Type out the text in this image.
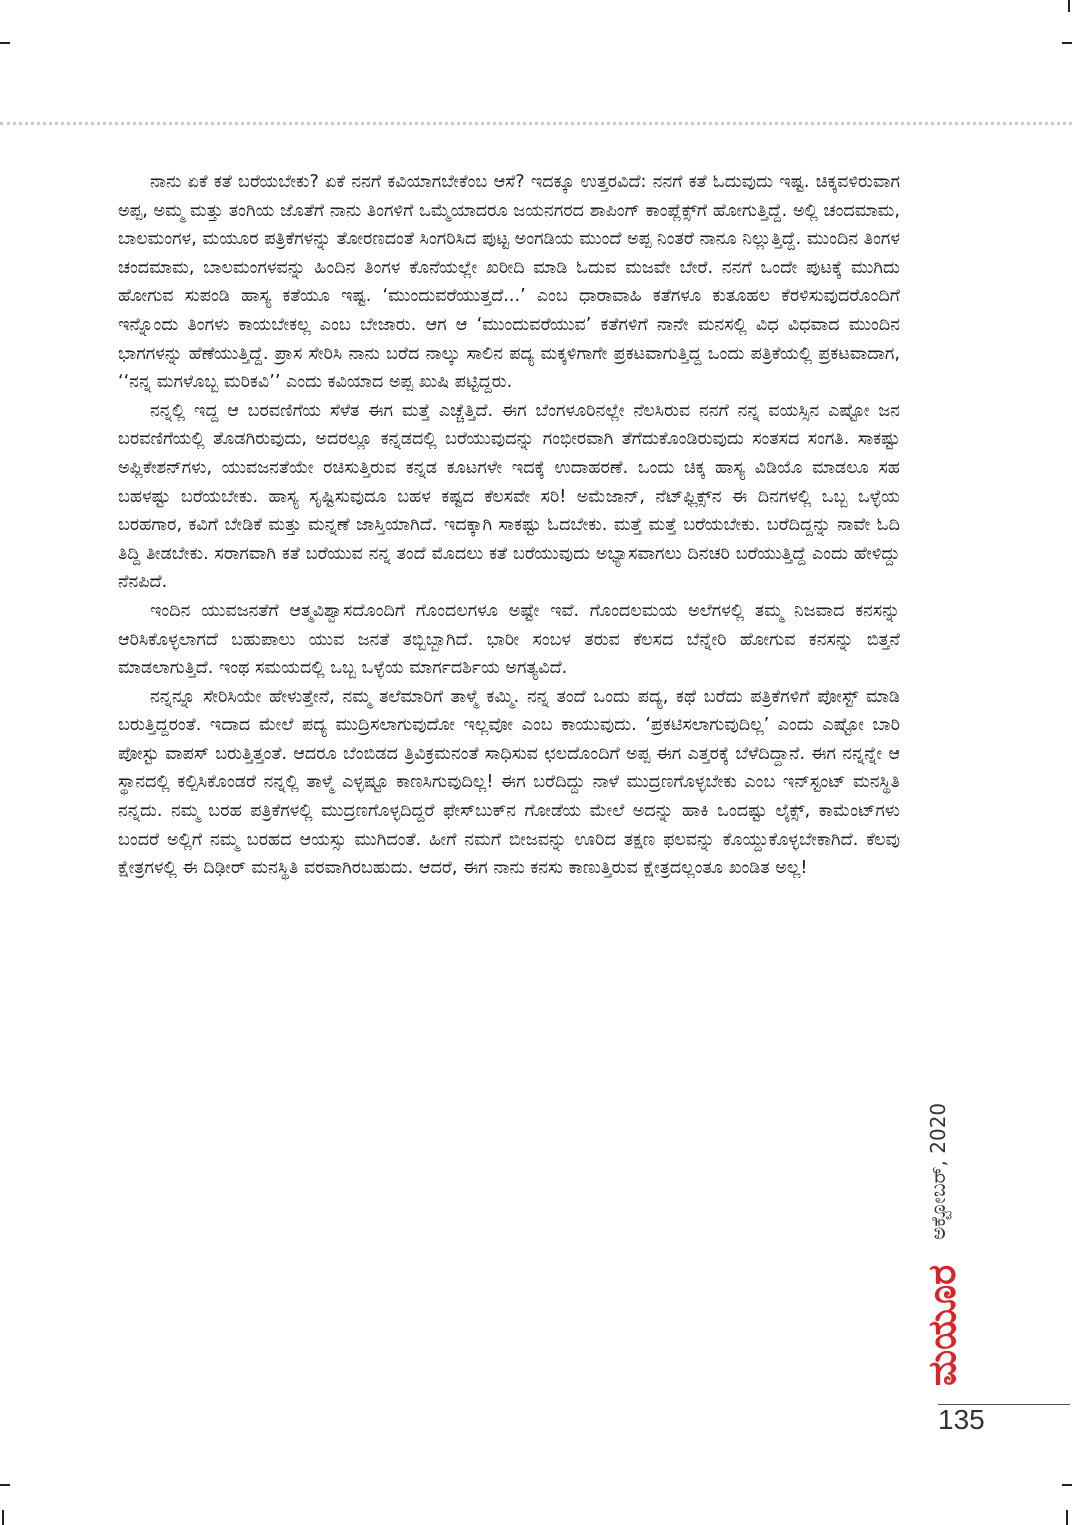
ನಾನು ಏಕೆ ಕತೆ ಬರೆಯಬೇಕು? ಏಕೆ ನನಗೆ ಕವಿಯಾಗಬೇಕೆಂಬ ಆಸೆ? ಇದಕ್ಕೂ ಉತ್ತರವಿದೆ: ನನಗೆ ಕತೆ ಓದುವುದು ಇಷ್ಟ. ಚಿಕ್ಕವಳಿರುವಾಗ ಅಪ್ಪ, ಅಮ್ಮ ಮತ್ತು ತಂಗಿಯ ಜೊತೆಗೆ ನಾನು ತಿಂಗಳಿಗೆ ಒಮ್ಮೆಯಾದರೂ ಜಯನಗರದ ಶಾಪಿಂಗ್ ಕಾಂಪ್ಲೆಕ್ಸ್‌ಗೆ ಹೋಗುತ್ತಿದ್ದೆ. ಅಲ್ಲಿ ಚಂದಮಾಮ, ಬಾಲಮಂಗಳ, ಮಯೂರ ಪತ್ರಿಕೆಗಳನ್ನು ತೋರಣದಂತೆ ಸಿಂಗರಿಸಿದ ಪುಟ್ಟ ಅಂಗಡಿಯ ಮುಂದೆ ಅಪ್ಪ ನಿಂತರೆ ನಾನೂ ನಿಲ್ಲುತ್ತಿದ್ದೆ. ಮುಂದಿನ ತಿಂಗಳ ಚಂದಮಾಮ, ಬಾಲಮಂಗಳವನ್ನು ಹಿಂದಿನ ತಿಂಗಳ ಕೊನೆಯಲ್ಲೇ ಖರೀದಿ ಮಾಡಿ ಓದುವ ಮಜವೇ ಬೇರೆ. ನನಗೆ ಒಂದೇ ಪುಟಕ್ಕೆ ಮುಗಿದು ಹೋಗುವ ಸುಪಂಡಿ ಹಾಸ್ಯ ಕತೆಯೂ ಇಷ್ಟ. ‘ಮುಂದುವರೆಯುತ್ತದೆ...’ ಎಂಬ ಧಾರಾವಾಹಿ ಕತೆಗಳೂ ಕುತೂಹಲ ಕೆರಳಿಸುವುದರೊಂದಿಗೆ ಇನ್ನೊಂದು ತಿಂಗಳು ಕಾಯಬೇಕಲ್ಲ ಎಂಬ ಬೇಜಾರು. ಆಗ ಆ ‘ಮುಂದುವರೆಯುವ’ ಕತೆಗಳಿಗೆ ನಾನೇ ಮನಸಲ್ಲಿ ವಿಧ ವಿಧವಾದ ಮುಂದಿನ ಭಾಗಗಳನ್ನು ಹೆಣೆಯುತ್ತಿದ್ದೆ. ಪ್ರಾಸ ಸೇರಿಸಿ ನಾನು ಬರೆದ ನಾಲ್ಕು ಸಾಲಿನ ಪದ್ಯ ಮಕ್ಕಳಿಗಾಗೇ ಪ್ರಕಟವಾಗುತ್ತಿದ್ದ ಒಂದು ಪತ್ರಿಕೆಯಲ್ಲಿ ಪ್ರಕಟವಾದಾಗ, ‘‘ನನ್ನ ಮಗಳೊಬ್ಬ ಮರಿಕವಿ’’ ಎಂದು ಕವಿಯಾದ ಅಪ್ಪ ಖುಷಿ ಪಟ್ಟಿದ್ದರು.

ನನ್ನಲ್ಲಿ ಇದ್ದ ಆ ಬರವಣಿಗೆಯ ಸೆಳೆತ ಈಗ ಮತ್ತೆ ಎಚ್ಚೆತ್ತಿದೆ. ಈಗ ಬೆಂಗಳೂರಿನಲ್ಲೇ ನೆಲಸಿರುವ ನನಗೆ ನನ್ನ ವಯಸ್ಸಿನ ಎಷ್ಟೋ ಜನ ಬರವಣಿಗೆಯಲ್ಲಿ ತೊಡಗಿರುವುದು, ಅದರಲ್ಲೂ ಕನ್ನಡದಲ್ಲಿ ಬರೆಯುವುದನ್ನು ಗಂಭೀರವಾಗಿ ತೆಗೆದುಕೊಂಡಿರುವುದು ಸಂತಸದ ಸಂಗತಿ. ಸಾಕಷ್ಟು ಅಪ್ಲಿಕೇಶನ್‌ಗಳು, ಯುವಜನತೆಯೇ ರಚಿಸುತ್ತಿರುವ ಕನ್ನಡ ಕೂಟಗಳೇ ಇದಕ್ಕೆ ಉದಾಹರಣೆ. ಒಂದು ಚಿಕ್ಕ ಹಾಸ್ಯ ವಿಡಿಯೊ ಮಾಡಲೂ ಸಹ ಬಹಳಷ್ಟು ಬರೆಯಬೇಕು. ಹಾಸ್ಯ ಸೃಷ್ಟಿಸುವುದೂ ಬಹಳ ಕಷ್ಟದ ಕೆಲಸವೇ ಸರಿ! ಅಮೆಜಾನ್, ನೆಟ್‌ಫ್ಲಿಕ್ಸ್‌ನ ಈ ದಿನಗಳಲ್ಲಿ ಒಬ್ಬ ಒಳ್ಳೆಯ ಬರಹಗಾರ, ಕವಿಗೆ ಬೇಡಿಕೆ ಮತ್ತು ಮನ್ನಣೆ ಜಾಸ್ತಿಯಾಗಿದೆ. ಇದಕ್ಕಾಗಿ ಸಾಕಷ್ಟು ಓದಬೇಕು. ಮತ್ತೆ ಮತ್ತೆ ಬರೆಯಬೇಕು. ಬರೆದಿದ್ದನ್ನು ನಾವೇ ಓದಿ ತಿದ್ದಿ ತೀಡಬೇಕು. ಸರಾಗವಾಗಿ ಕತೆ ಬರೆಯುವ ನನ್ನ ತಂದೆ ಮೊದಲು ಕತೆ ಬರೆಯುವುದು ಅಭ್ಯಾಸವಾಗಲು ದಿನಚರಿ ಬರೆಯುತ್ತಿದ್ದೆ ಎಂದು ಹೇಳಿದ್ದು ನೆನಪಿದೆ.

ಇಂದಿನ ಯುವಜನತೆಗೆ ಆತ್ಮವಿಶ್ವಾಸದೊಂದಿಗೆ ಗೊಂದಲಗಳೂ ಅಷ್ಟೇ ಇವೆ. ಗೊಂದಲಮಯ ಅಲೆಗಳಲ್ಲಿ ತಮ್ಮ ನಿಜವಾದ ಕನಸನ್ನು ಆರಿಸಿಕೊಳ್ಳಲಾಗದೆ ಬಹುಪಾಲು ಯುವ ಜನತೆ ತಬ್ಬಿಬ್ಬಾಗಿದೆ. ಭಾರೀ ಸಂಬಳ ತರುವ ಕೆಲಸದ ಬೆನ್ನೇರಿ ಹೋಗುವ ಕನಸನ್ನು ಬಿತ್ತನೆ ಮಾಡಲಾಗುತ್ತಿದೆ. ಇಂಥ ಸಮಯದಲ್ಲಿ ಒಬ್ಬ ಒಳ್ಳೆಯ ಮಾರ್ಗದರ್ಶಿಯ ಅಗತ್ಯವಿದೆ.

ನನ್ನನ್ನೂ ಸೇರಿಸಿಯೇ ಹೇಳುತ್ತೇನೆ, ನಮ್ಮ ತಲೆಮಾರಿಗೆ ತಾಳ್ಮೆ ಕಮ್ಮಿ. ನನ್ನ ತಂದೆ ಒಂದು ಪದ್ಯ, ಕಥೆ ಬರೆದು ಪತ್ರಿಕೆಗಳಿಗೆ ಪೋಸ್ಟ್ ಮಾಡಿ ಬರುತ್ತಿದ್ದರಂತೆ. ಇದಾದ ಮೇಲೆ ಪದ್ಯ ಮುದ್ರಿಸಲಾಗುವುದೋ ಇಲ್ಲವೋ ಎಂಬ ಕಾಯುವುದು. ‘ಪ್ರಕಟಿಸಲಾಗುವುದಿಲ್ಲ’ ಎಂದು ಎಷ್ಟೋ ಬಾರಿ ಪೋಸ್ಟು ವಾಪಸ್ ಬರುತ್ತಿತ್ತಂತೆ. ಆದರೂ ಬೆಂಬಿಡದ ತ್ರಿವಿಕ್ರಮನಂತೆ ಸಾಧಿಸುವ ಛಲದೊಂದಿಗೆ ಅಪ್ಪ ಈಗ ಎತ್ತರಕ್ಕೆ ಬೆಳೆದಿದ್ದಾನೆ. ಈಗ ನನ್ನನ್ನೇ ಆ ಸ್ಥಾನದಲ್ಲಿ ಕಲ್ಪಿಸಿಕೊಂಡರೆ ನನ್ನಲ್ಲಿ ತಾಳ್ಮೆ ಎಳ್ಳಷ್ಟೂ ಕಾಣಸಿಗುವುದಿಲ್ಲ! ಈಗ ಬರೆದಿದ್ದು ನಾಳೆ ಮುದ್ರಣಗೊಳ್ಳಬೇಕು ಎಂಬ ಇನ್‌ಸ್ಟಂಟ್ ಮನಸ್ಥಿತಿ ನನ್ನದು. ನಮ್ಮ ಬರಹ ಪತ್ರಿಕೆಗಳಲ್ಲಿ ಮುದ್ರಣಗೊಳ್ಳದಿದ್ದರೆ ಫೇಸ್‌ಬುಕ್‌ನ ಗೋಡೆಯ ಮೇಲೆ ಅದನ್ನು ಹಾಕಿ ಒಂದಷ್ಟು ಲೈಕ್ಸ್, ಕಾಮೆಂಟ್‌ಗಳು ಬಂದರೆ ಅಲ್ಲಿಗೆ ನಮ್ಮ ಬರಹದ ಆಯಸ್ಸು ಮುಗಿದಂತೆ. ಹೀಗೆ ನಮಗೆ ಬೀಜವನ್ನು ಊರಿದ ತಕ್ಷಣ ಫಲವನ್ನು ಕೊಯ್ದುಕೊಳ್ಳಬೇಕಾಗಿದೆ. ಕೆಲವು ಕ್ಷೇತ್ರಗಳಲ್ಲಿ ಈ ದಿಢೀರ್ ಮನಸ್ಥಿತಿ ವರವಾಗಿರಬಹುದು. ಆದರೆ, ಈಗ ನಾನು ಕನಸು ಕಾಣುತ್ತಿರುವ ಕ್ಷೇತ್ರದಲ್ಲಂತೂ ಖಂಡಿತ ಅಲ್ಲ!

ಅಕ್ಟೋಬರ್, 2020
ಮಯೂರ
135
